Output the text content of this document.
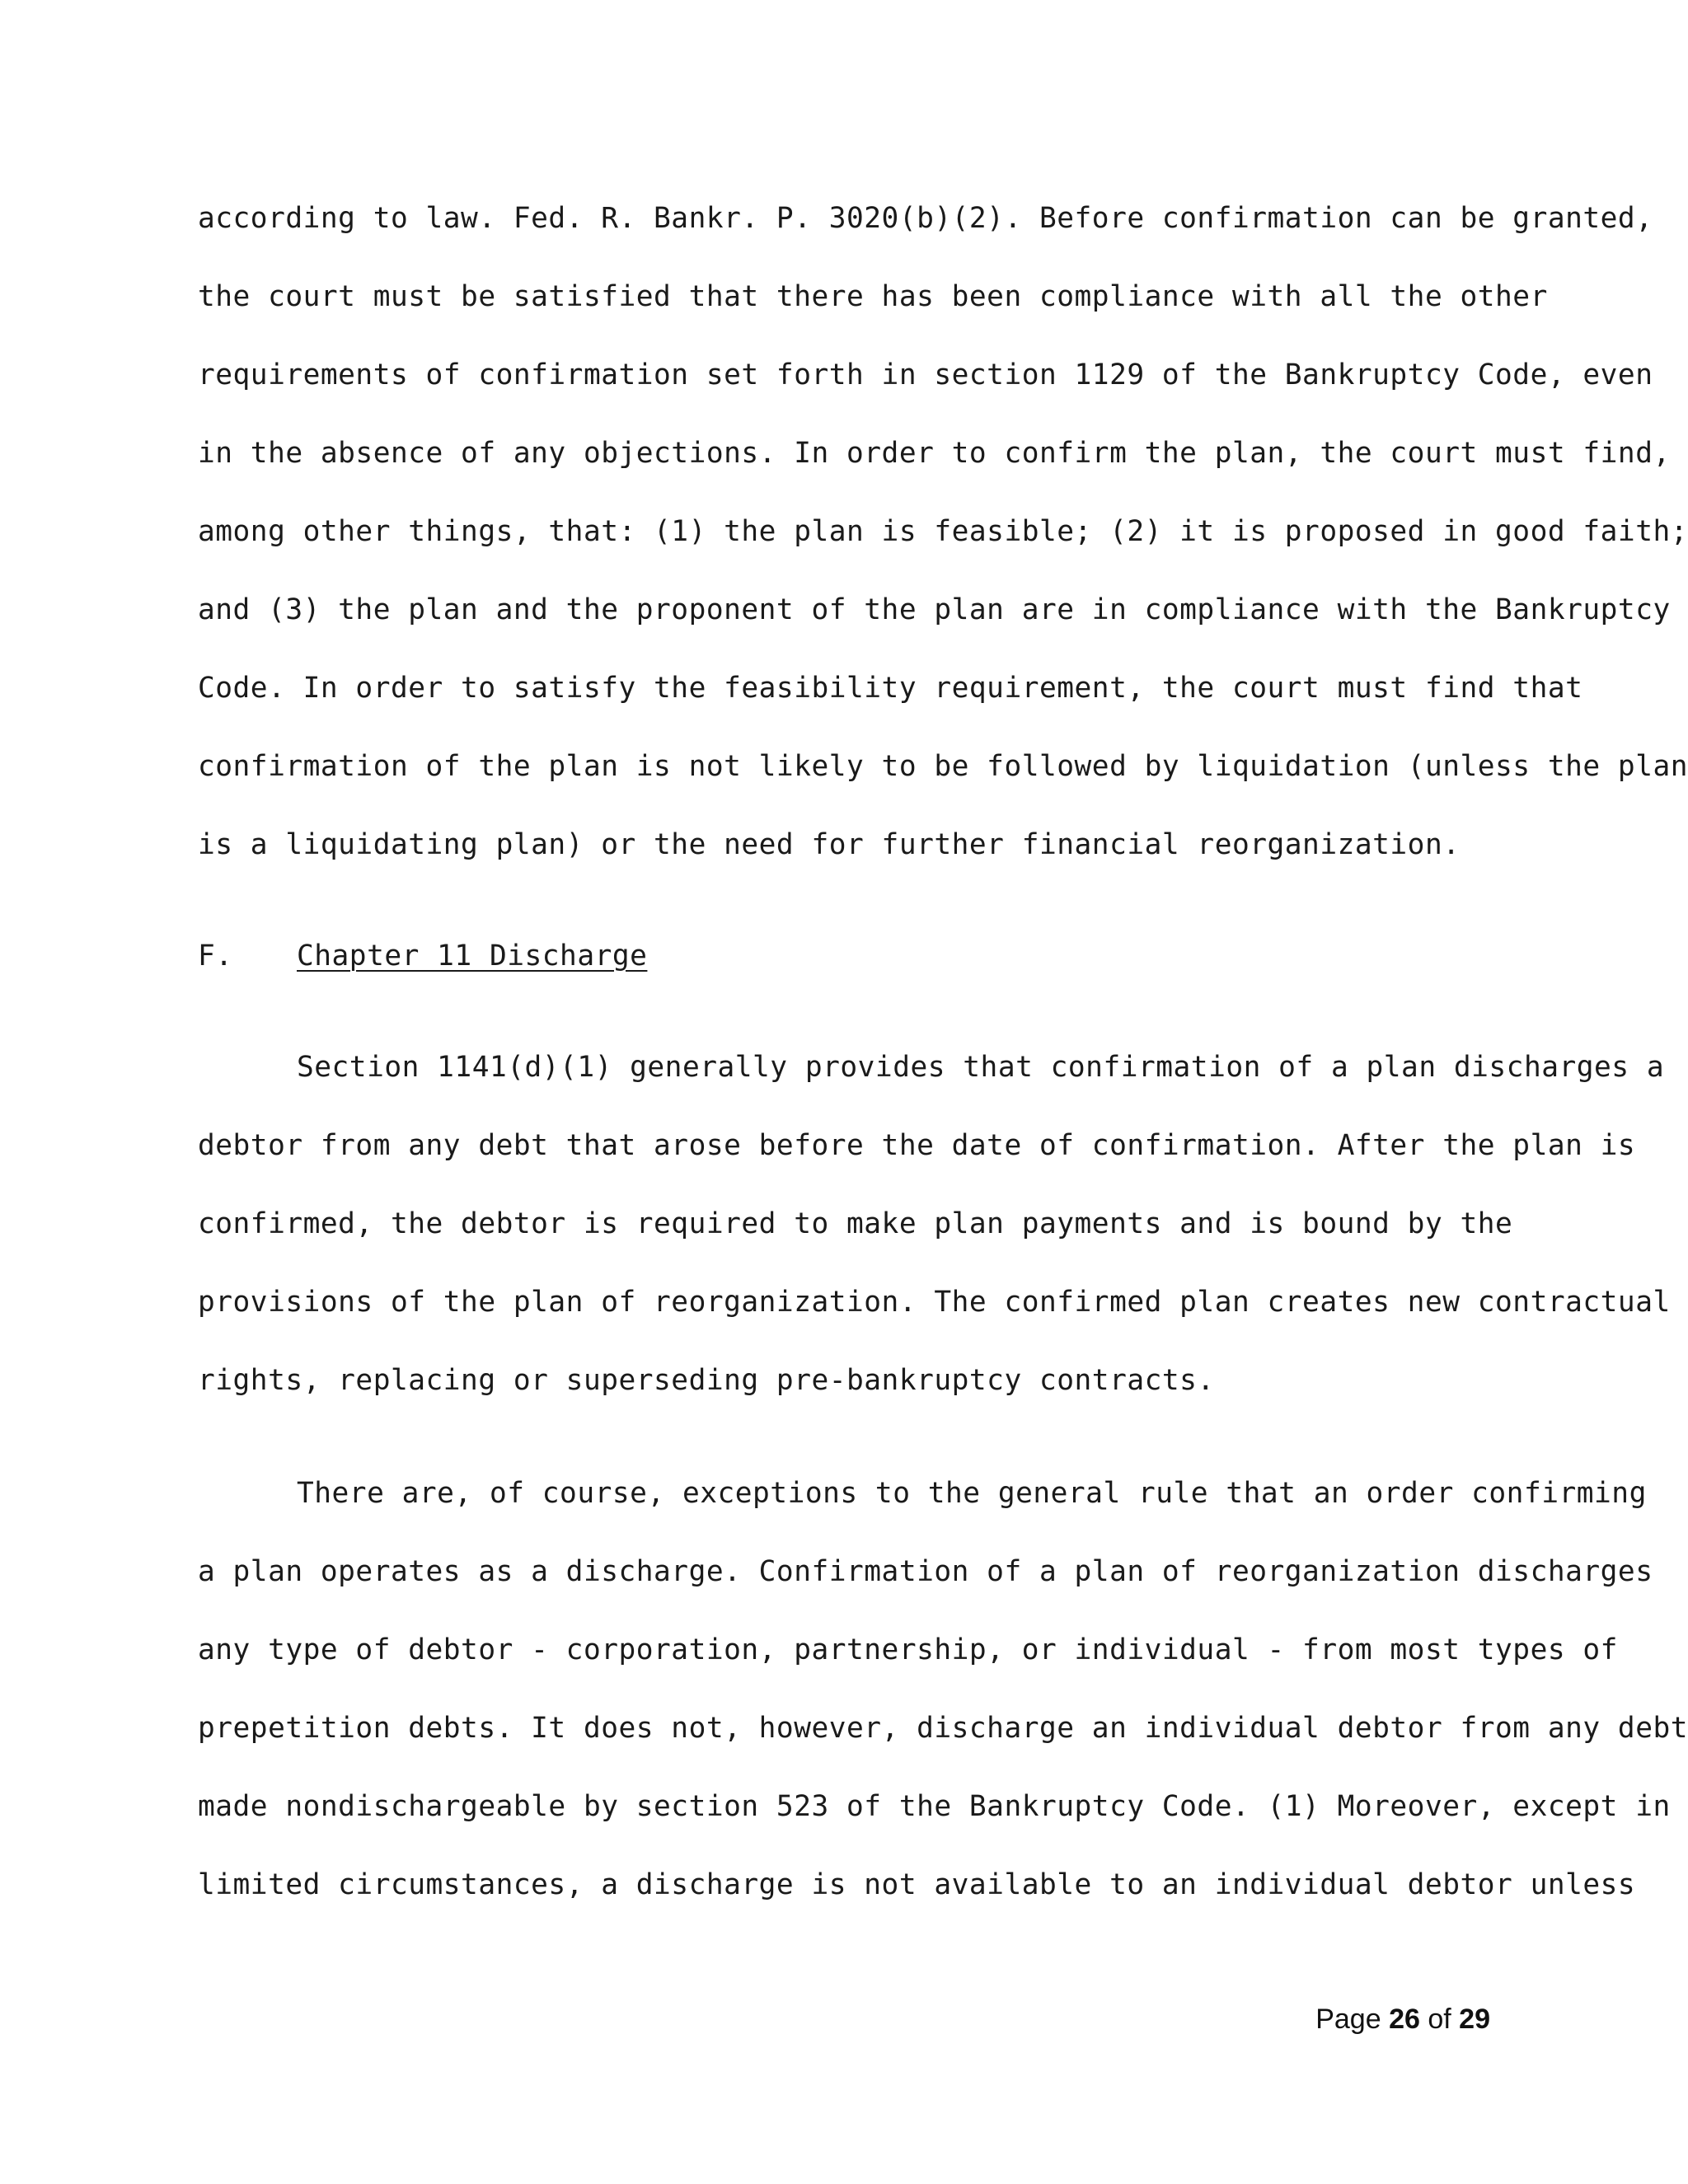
according to law. Fed. R. Bankr. P. 3020(b)(2). Before confirmation can be granted,
the court must be satisfied that there has been compliance with all the other
requirements of confirmation set forth in section 1129 of the Bankruptcy Code, even
in the absence of any objections. In order to confirm the plan, the court must find,
among other things, that: (1) the plan is feasible; (2) it is proposed in good faith;
and (3) the plan and the proponent of the plan are in compliance with the Bankruptcy
Code. In order to satisfy the feasibility requirement, the court must find that
confirmation of the plan is not likely to be followed by liquidation (unless the plan
is a liquidating plan) or the need for further financial reorganization.
F. Chapter 11 Discharge
Section 1141(d)(1) generally provides that confirmation of a plan discharges a
debtor from any debt that arose before the date of confirmation. After the plan is
confirmed, the debtor is required to make plan payments and is bound by the
provisions of the plan of reorganization. The confirmed plan creates new contractual
rights, replacing or superseding pre-bankruptcy contracts.
There are, of course, exceptions to the general rule that an order confirming
a plan operates as a discharge. Confirmation of a plan of reorganization discharges
any type of debtor - corporation, partnership, or individual - from most types of
prepetition debts. It does not, however, discharge an individual debtor from any debt
made nondischargeable by section 523 of the Bankruptcy Code. (1) Moreover, except in
limited circumstances, a discharge is not available to an individual debtor unless
Page 26 of 29
